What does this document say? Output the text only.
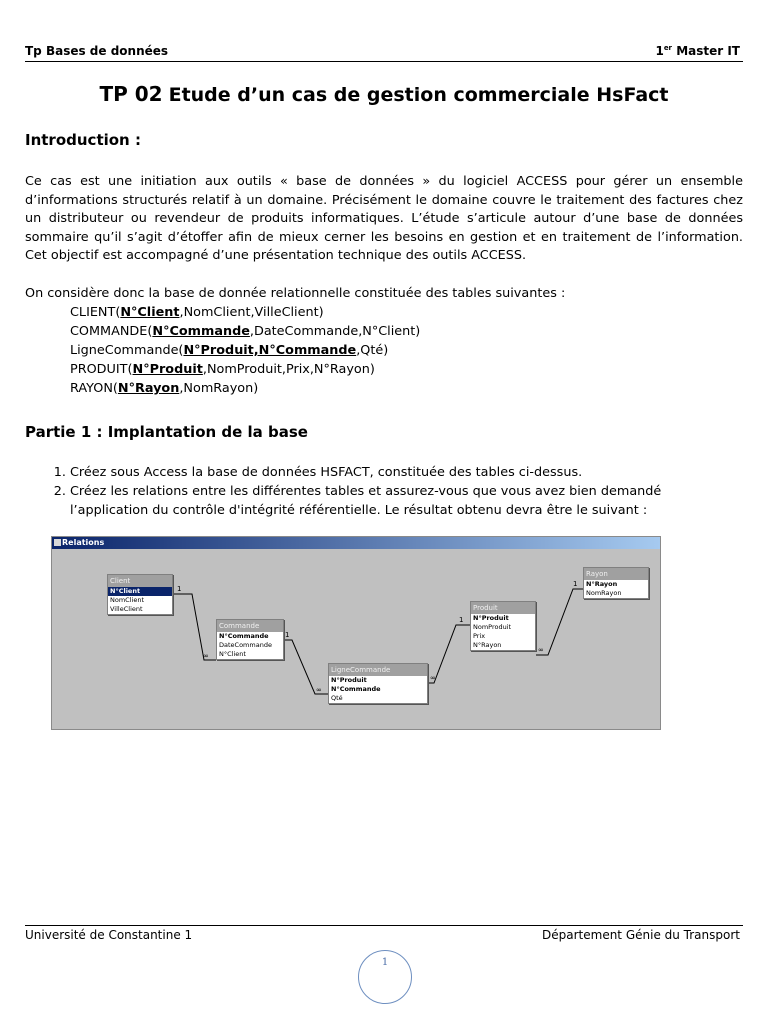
Tp Bases de données	1er Master IT
TP 02 Etude d’un cas de gestion commerciale HsFact
Introduction :

Ce cas est une initiation aux outils « base de données » du logiciel ACCESS pour gérer un ensemble d’informations structurés relatif à un domaine. Précisément le domaine couvre le traitement des factures chez un distributeur ou revendeur de produits informatiques. L’étude s’articule autour d’une base de données sommaire qu’il s’agit d’étoffer afin de mieux cerner les besoins en gestion et en traitement de l’information. Cet objectif est accompagné d’une présentation technique des outils ACCESS.

On considère donc la base de donnée relationnelle constituée des tables suivantes :
CLIENT(N°Client,NomClient,VilleClient)
COMMANDE(N°Commande,DateCommande,N°Client)
LigneCommande(N°Produit,N°Commande,Qté)
PRODUIT(N°Produit,NomProduit,Prix,N°Rayon)
RAYON(N°Rayon,NomRayon)
Partie 1 : Implantation de la base
1. Créez sous Access la base de données HSFACT, constituée des tables ci-dessus.
2. Créez les relations entre les différentes tables et assurez-vous que vous avez bien demandé l’application du contrôle d'intégrité référentielle. Le résultat obtenu devra être le suivant :
Relations
1
∞
1
∞
1
∞
1
∞
Client
N°Client
NomClient
VilleClient
Commande
N°Commande
DateCommande
N°Client
LigneCommande
N°Produit
N°Commande
Qté
Produit
N°Produit
NomProduit
Prix
N°Rayon
Rayon
N°Rayon
NomRayon
Université de Constantine 1	Département Génie du Transport
1
